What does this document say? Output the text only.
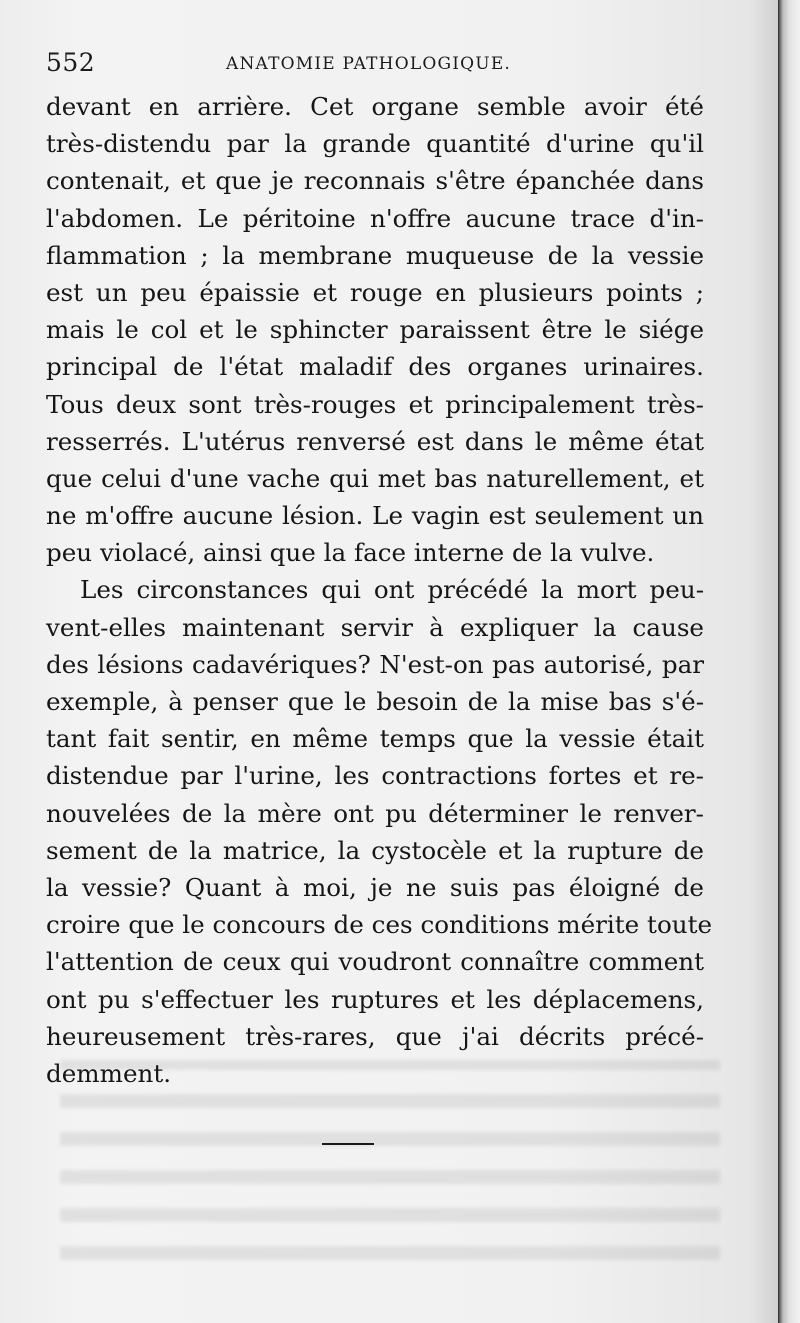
552	ANATOMIE PATHOLOGIQUE.
devant en arrière. Cet organe semble avoir été
très-distendu par la grande quantité d'urine qu'il
contenait, et que je reconnais s'être épanchée dans
l'abdomen. Le péritoine n'offre aucune trace d'in-
flammation ; la membrane muqueuse de la vessie
est un peu épaissie et rouge en plusieurs points ;
mais le col et le sphincter paraissent être le siége
principal de l'état maladif des organes urinaires.
Tous deux sont très-rouges et principalement très-
resserrés. L'utérus renversé est dans le même état
que celui d'une vache qui met bas naturellement, et
ne m'offre aucune lésion. Le vagin est seulement un
peu violacé, ainsi que la face interne de la vulve.
Les circonstances qui ont précédé la mort peu-
vent-elles maintenant servir à expliquer la cause
des lésions cadavériques? N'est-on pas autorisé, par
exemple, à penser que le besoin de la mise bas s'é-
tant fait sentir, en même temps que la vessie était
distendue par l'urine, les contractions fortes et re-
nouvelées de la mère ont pu déterminer le renver-
sement de la matrice, la cystocèle et la rupture de
la vessie? Quant à moi, je ne suis pas éloigné de
croire que le concours de ces conditions mérite toute
l'attention de ceux qui voudront connaître comment
ont pu s'effectuer les ruptures et les déplacemens,
heureusement très-rares, que j'ai décrits précé-
demment.
